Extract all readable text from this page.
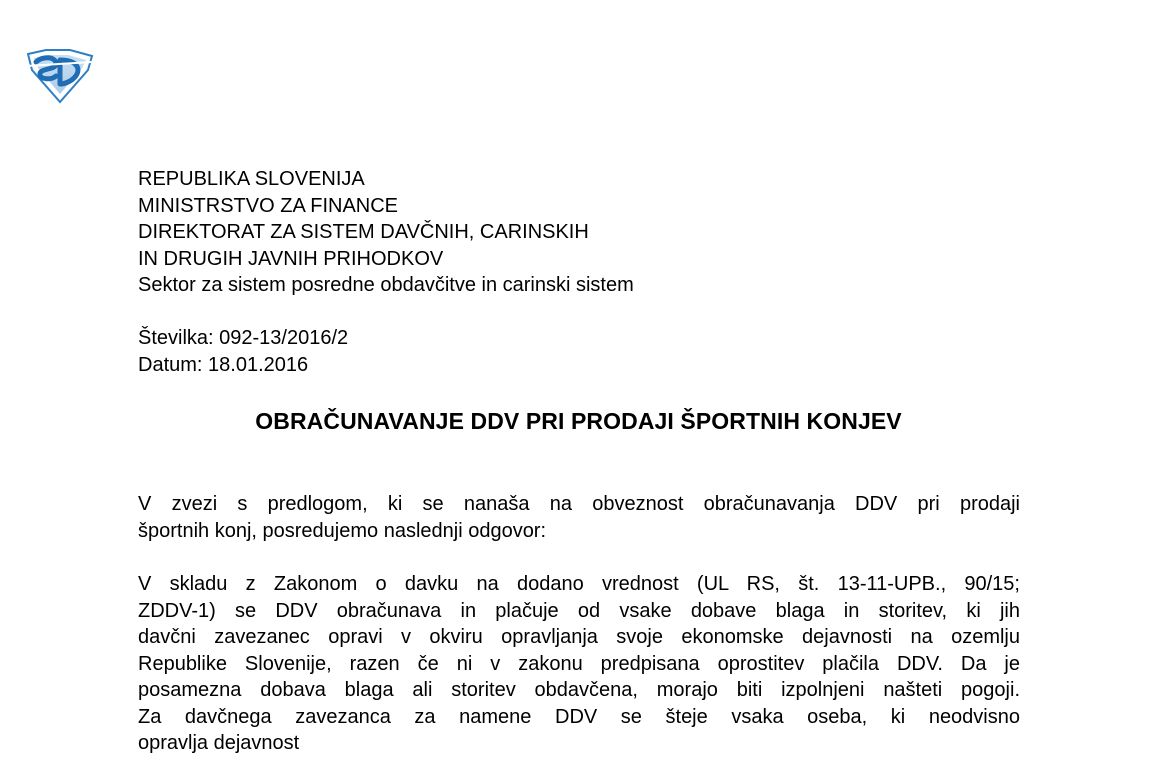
REPUBLIKA SLOVENIJA
MINISTRSTVO ZA FINANCE
DIREKTORAT ZA SISTEM DAVČNIH, CARINSKIH
IN DRUGIH JAVNIH PRIHODKOV
Sektor za sistem posredne obdavčitve in carinski sistem
Številka: 092-13/2016/2
Datum: 18.01.2016
OBRAČUNAVANJE DDV PRI PRODAJI ŠPORTNIH KONJEV
V zvezi s predlogom, ki se nanaša na obveznost obračunavanja DDV pri prodaji
športnih konj, posredujemo naslednji odgovor:
V skladu z Zakonom o davku na dodano vrednost (UL RS, št. 13-11-UPB., 90/15;
ZDDV-1) se DDV obračunava in plačuje od vsake dobave blaga in storitev, ki jih
davčni zavezanec opravi v okviru opravljanja svoje ekonomske dejavnosti na ozemlju
Republike Slovenije, razen če ni v zakonu predpisana oprostitev plačila DDV. Da je
posamezna dobava blaga ali storitev obdavčena, morajo biti izpolnjeni našteti pogoji.
Za davčnega zavezanca za namene DDV se šteje vsaka oseba, ki neodvisno
opravlja dejavnost
